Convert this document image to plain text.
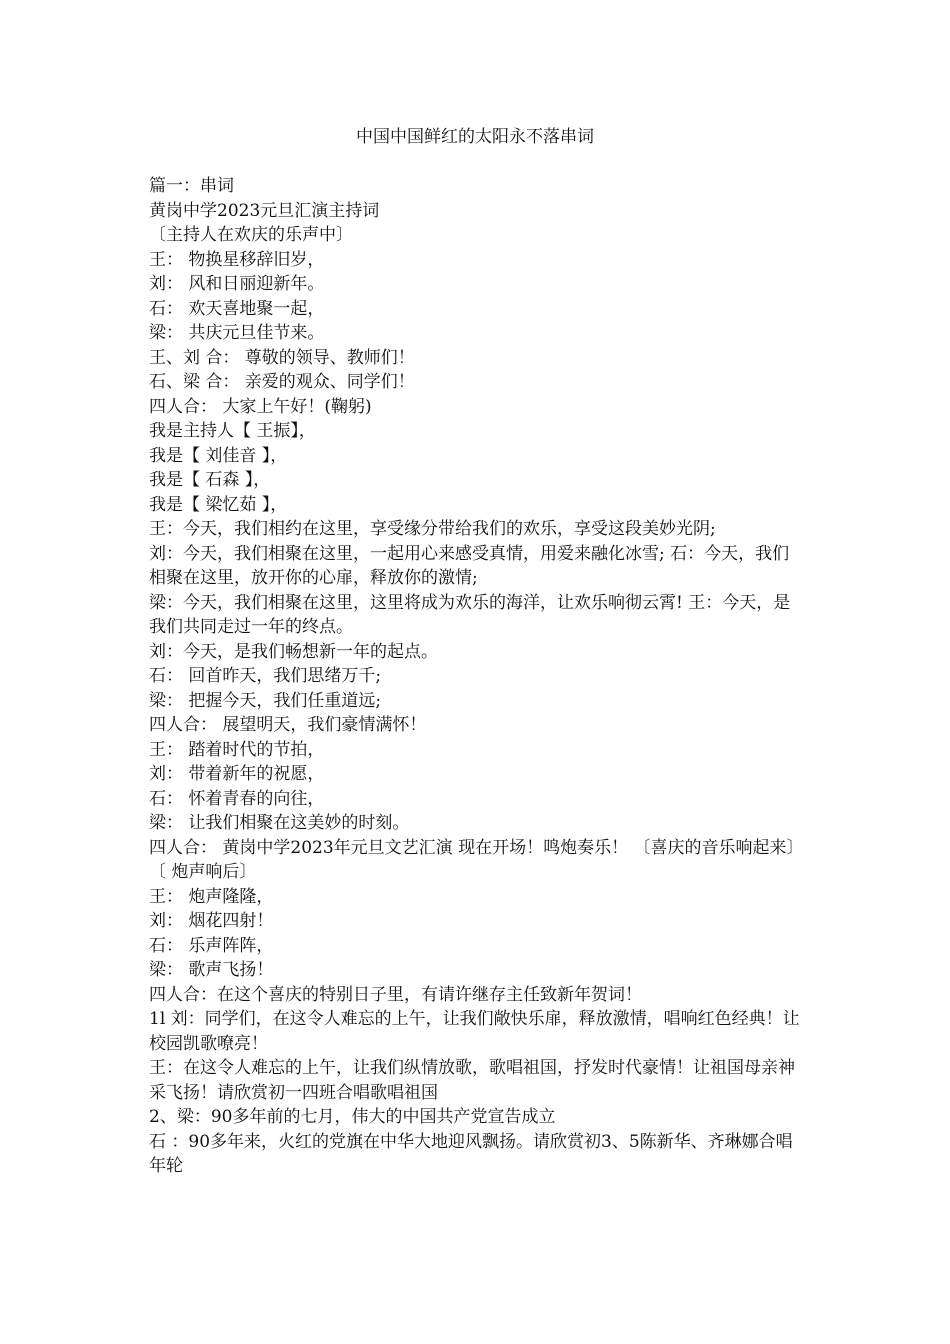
中国中国鲜红的太阳永不落串词
篇一：串词
黄岗中学2023元旦汇演主持词
〔主持人在欢庆的乐声中〕
王： 物换星移辞旧岁，
刘： 风和日丽迎新年。
石： 欢天喜地聚一起，
梁： 共庆元旦佳节来。
王、刘 合： 尊敬的领导、教师们！
石、梁 合： 亲爱的观众、同学们！
四人合： 大家上午好！(鞠躬)
我是主持人【 王振】，
我是【 刘佳音 】，
我是【 石森 】，
我是【 梁忆茹 】，
王：今天，我们相约在这里，享受缘分带给我们的欢乐，享受这段美妙光阴;
刘：今天，我们相聚在这里，一起用心来感受真情，用爱来融化冰雪; 石：今天，我们相聚在这里，放开你的心扉，释放你的激情;
梁：今天，我们相聚在这里，这里将成为欢乐的海洋，让欢乐响彻云霄! 王：今天，是我们共同走过一年的终点。
刘：今天，是我们畅想新一年的起点。
石： 回首昨天，我们思绪万千;
梁： 把握今天，我们任重道远;
四人合： 展望明天，我们豪情满怀！
王： 踏着时代的节拍，
刘： 带着新年的祝愿，
石： 怀着青春的向往，
梁： 让我们相聚在这美妙的时刻。
四人合： 黄岗中学2023年元旦文艺汇演 现在开场！鸣炮奏乐！ 〔喜庆的音乐响起来〕
〔 炮声响后〕
王： 炮声隆隆，
刘： 烟花四射！
石： 乐声阵阵，
梁： 歌声飞扬！
四人合：在这个喜庆的特别日子里，有请许继存主任致新年贺词！
1l 刘：同学们，在这令人难忘的上午，让我们敞快乐扉，释放激情，唱响红色经典！让校园凯歌嘹亮！
王：在这令人难忘的上午，让我们纵情放歌，歌唱祖国，抒发时代豪情！让祖国母亲神采飞扬！请欣赏初一四班合唱歌唱祖国
2、梁：90多年前的七月，伟大的中国共产党宣告成立
石 ：90多年来，火红的党旗在中华大地迎风飘扬。请欣赏初3、5陈新华、齐琳娜合唱年轮
